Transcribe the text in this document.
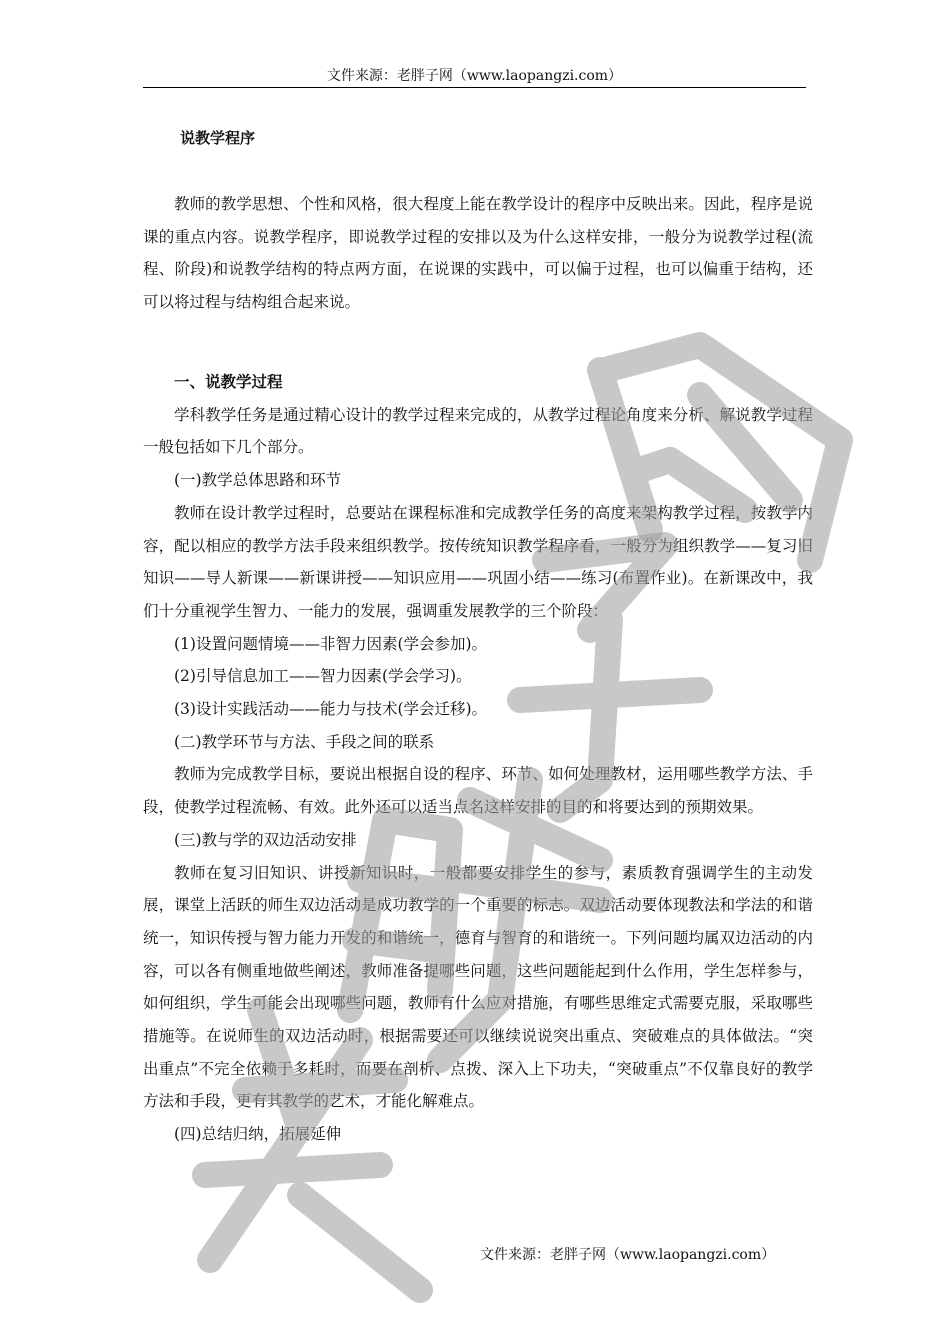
文件来源：老胖子网（www.laopangzi.com）
说教学程序

教师的教学思想、个性和风格，很大程度上能在教学设计的程序中反映出来。因此，程序是说课的重点内容。说教学程序，即说教学过程的安排以及为什么这样安排，一般分为说教学过程(流程、阶段)和说教学结构的特点两方面，在说课的实践中，可以偏于过程，也可以偏重于结构，还可以将过程与结构组合起来说。

一、说教学过程

学科教学任务是通过精心设计的教学过程来完成的，从教学过程论角度来分析、解说教学过程一般包括如下几个部分。

(一)教学总体思路和环节

教师在设计教学过程时，总要站在课程标准和完成教学任务的高度来架构教学过程，按教学内容，配以相应的教学方法手段来组织教学。按传统知识教学程序看，一般分为组织教学——复习旧知识——导人新课——新课讲授——知识应用——巩固小结——练习(布置作业)。在新课改中，我们十分重视学生智力、一能力的发展，强调重发展教学的三个阶段：

(1)设置问题情境——非智力因素(学会参加)。

(2)引导信息加工——智力因素(学会学习)。

(3)设计实践活动——能力与技术(学会迁移)。

(二)教学环节与方法、手段之间的联系

教师为完成教学目标，要说出根据自设的程序、环节、如何处理教材，运用哪些教学方法、手段，使教学过程流畅、有效。此外还可以适当点名这样安排的目的和将要达到的预期效果。

(三)教与学的双边活动安排

教师在复习旧知识、讲授新知识时，一般都要安排学生的参与，素质教育强调学生的主动发展，课堂上活跃的师生双边活动是成功教学的一个重要的标志。双边活动要体现教法和学法的和谐统一，知识传授与智力能力开发的和谐统一，德育与智育的和谐统一。下列问题均属双边活动的内容，可以各有侧重地做些阐述，教师准备提哪些问题，这些问题能起到什么作用，学生怎样参与，如何组织，学生可能会出现哪些问题，教师有什么应对措施，有哪些思维定式需要克服，采取哪些措施等。在说师生的双边活动时，根据需要还可以继续说说突出重点、突破难点的具体做法。“突出重点”不完全依赖于多耗时，而要在剖析、点拨、深入上下功夫，“突破重点”不仅靠良好的教学方法和手段，更有其教学的艺术，才能化解难点。

(四)总结归纳，拓展延伸

文件来源：老胖子网（www.laopangzi.com）
